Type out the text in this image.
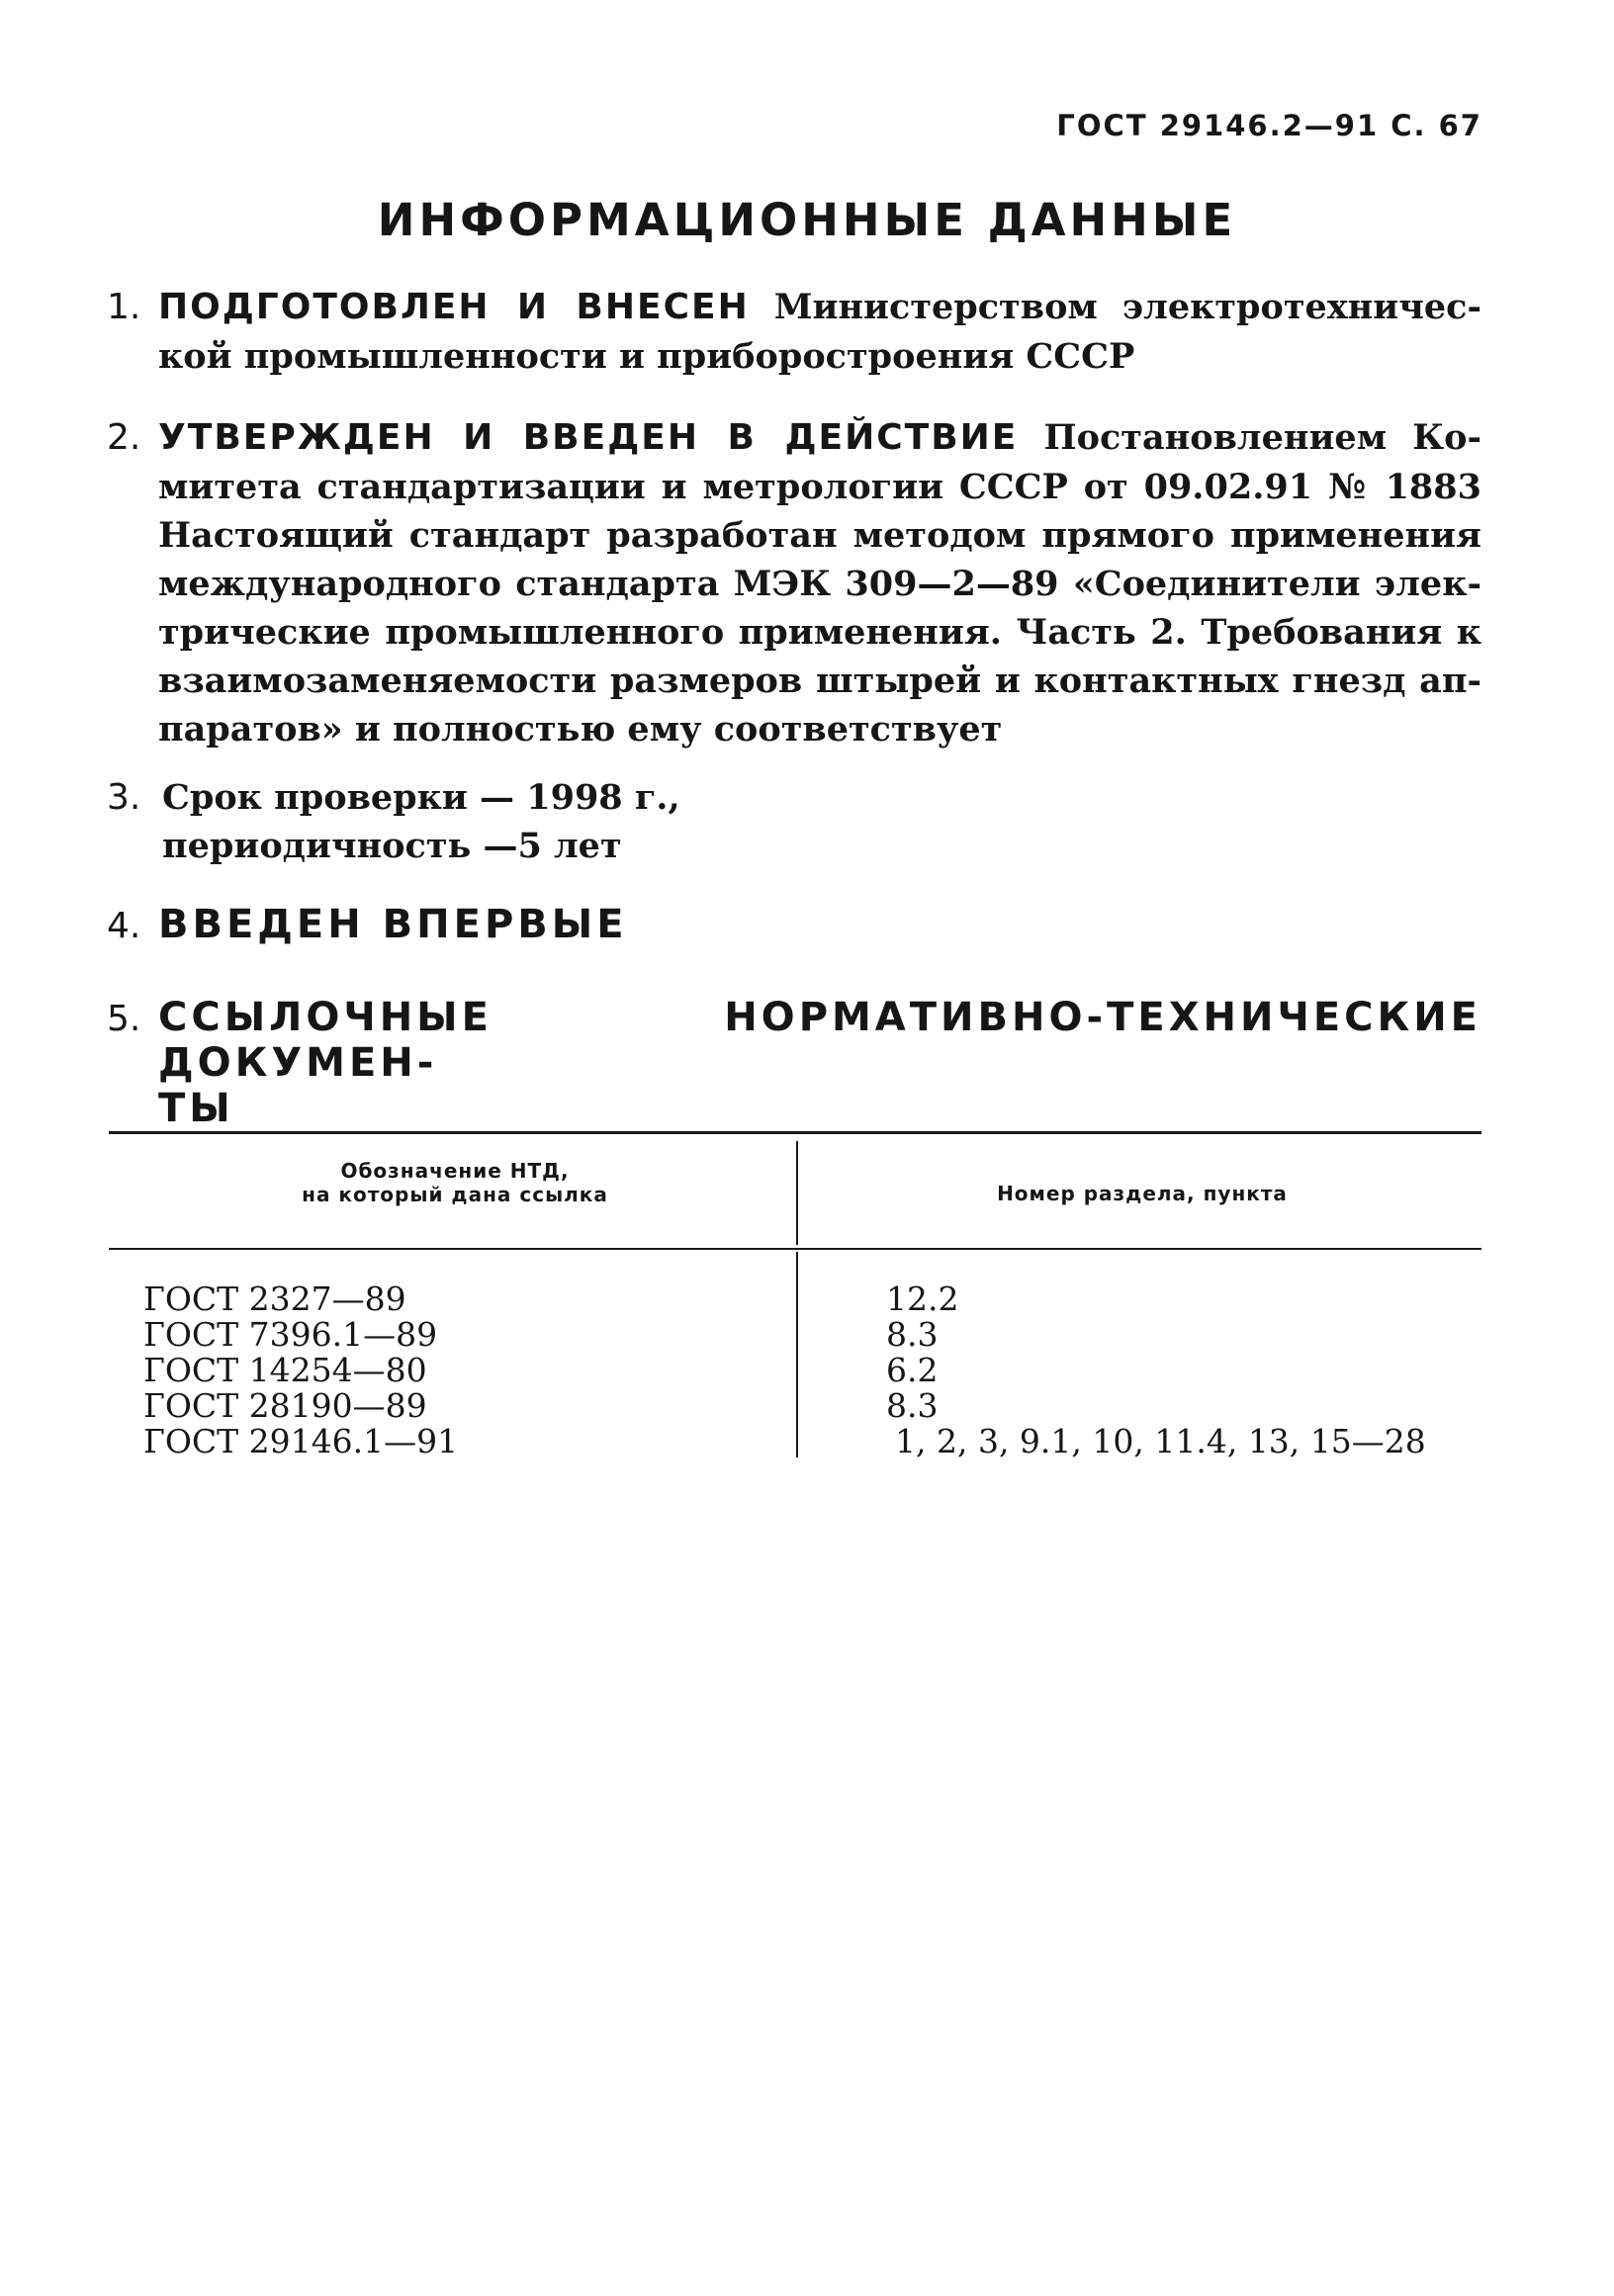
ГОСТ 29146.2—91 С. 67
ИНФОРМАЦИОННЫЕ ДАННЫЕ
1. ПОДГОТОВЛЕН И ВНЕСЕН Министерством электротехничес-
кой промышленности и приборостроения СССР
2. УТВЕРЖДЕН И ВВЕДЕН В ДЕЙСТВИЕ Постановлением Ко-
митета стандартизации и метрологии СССР от 09.02.91 № 1883
Настоящий стандарт разработан методом прямого применения
международного стандарта МЭК 309—2—89 «Соединители элек-
трические промышленного применения. Часть 2. Требования к
взаимозаменяемости размеров штырей и контактных гнезд ап-
паратов» и полностью ему соответствует
3. Срок проверки — 1998 г.,
периодичность —5 лет
4. ВВЕДЕН ВПЕРВЫЕ
5. ССЫЛОЧНЫЕ НОРМАТИВНО-ТЕХНИЧЕСКИЕ ДОКУМЕН-
ТЫ
Обозначение НТД,
на который дана ссылка	Номер раздела, пункта
ГОСТ 2327—89	12.2
ГОСТ 7396.1—89	8.3
ГОСТ 14254—80	6.2
ГОСТ 28190—89	8.3
ГОСТ 29146.1—91	1, 2, 3, 9.1, 10, 11.4, 13, 15—28
